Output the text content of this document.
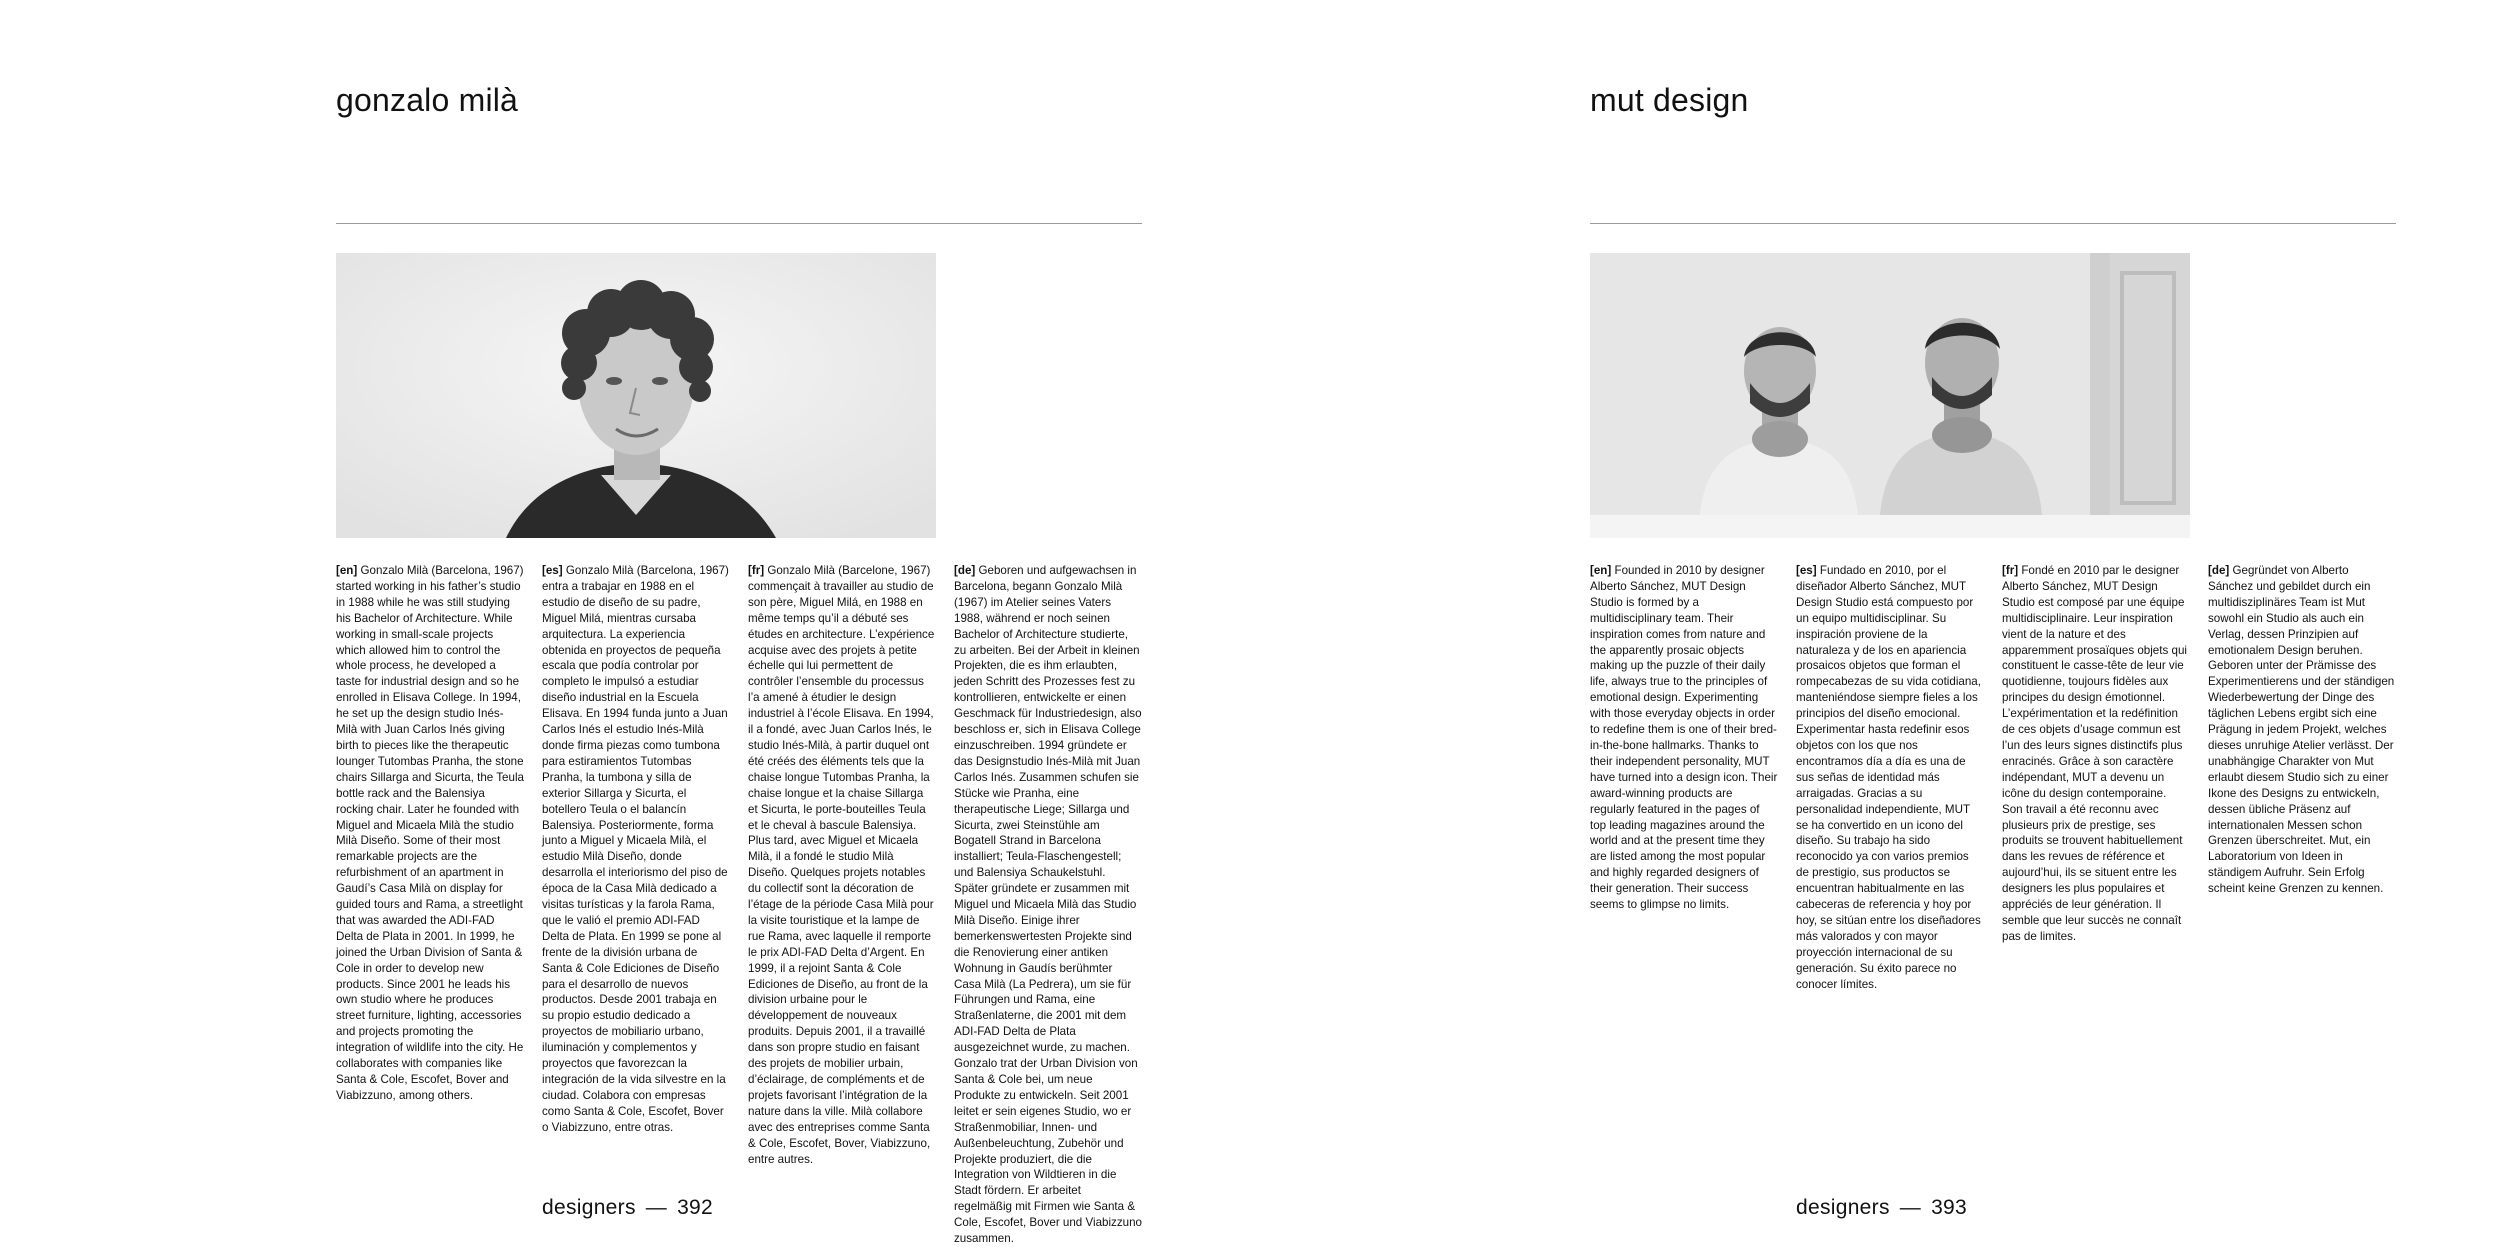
gonzalo milà

[en] Gonzalo Milà (Barcelona, 1967) started working in his father’s studio in 1988 while he was still studying his Bachelor of Architecture. While working in small-scale projects which allowed him to control the whole process, he developed a taste for industrial design and so he enrolled in Elisava College. In 1994, he set up the design studio Inés-Milà with Juan Carlos Inés giving birth to pieces like the therapeutic lounger Tutombas Pranha, the stone chairs Sillarga and Sicurta, the Teula bottle rack and the Balensiya rocking chair. Later he founded with Miguel and Micaela Milà the studio Milà Diseño. Some of their most remarkable projects are the refurbishment of an apartment in Gaudí’s Casa Milà on display for guided tours and Rama, a streetlight that was awarded the ADI-FAD Delta de Plata in 2001. In 1999, he joined the Urban Division of Santa & Cole in order to develop new products. Since 2001 he leads his own studio where he produces street furniture, lighting, accessories and projects promoting the integration of wildlife into the city. He collaborates with companies like Santa & Cole, Escofet, Bover and Viabizzuno, among others.

[es] Gonzalo Milà (Barcelona, 1967) entra a trabajar en 1988 en el estudio de diseño de su padre, Miguel Milá, mientras cursaba arquitectura. La experiencia obtenida en proyectos de pequeña escala que podía controlar por completo le impulsó a estudiar diseño industrial en la Escuela Elisava. En 1994 funda junto a Juan Carlos Inés el estudio Inés-Milà donde firma piezas como tumbona para estiramientos Tutombas Pranha, la tumbona y silla de exterior Sillarga y Sicurta, el botellero Teula o el balancín Balensiya. Posteriormente, forma junto a Miguel y Micaela Milà, el estudio Milà Diseño, donde desarrolla el interiorismo del piso de época de la Casa Milà dedicado a visitas turísticas y la farola Rama, que le valió el premio ADI-FAD Delta de Plata. En 1999 se pone al frente de la división urbana de Santa & Cole Ediciones de Diseño para el desarrollo de nuevos productos. Desde 2001 trabaja en su propio estudio dedicado a proyectos de mobiliario urbano, iluminación y complementos y proyectos que favorezcan la integración de la vida silvestre en la ciudad. Colabora con empresas como Santa & Cole, Escofet, Bover o Viabizzuno, entre otras.

[fr] Gonzalo Milà (Barcelone, 1967) commençait à travailler au studio de son père, Miguel Milá, en 1988 en même temps qu’il a débuté ses études en architecture. L’expérience acquise avec des projets à petite échelle qui lui permettent de contrôler l’ensemble du processus l’a amené à étudier le design industriel à l’école Elisava. En 1994, il a fondé, avec Juan Carlos Inés, le studio Inés-Milà, à partir duquel ont été créés des éléments tels que la chaise longue Tutombas Pranha, la chaise longue et la chaise Sillarga et Sicurta, le porte-bouteilles Teula et le cheval à bascule Balensiya. Plus tard, avec Miguel et Micaela Milà, il a fondé le studio Milà Diseño. Quelques projets notables du collectif sont la décoration de l’étage de la période Casa Milà pour la visite touristique et la lampe de rue Rama, avec laquelle il remporte le prix ADI-FAD Delta d’Argent. En 1999, il a rejoint Santa & Cole Ediciones de Diseño, au front de la division urbaine pour le développement de nouveaux produits. Depuis 2001, il a travaillé dans son propre studio en faisant des projets de mobilier urbain, d’éclairage, de compléments et de projets favorisant l’intégration de la nature dans la ville. Milà collabore avec des entreprises comme Santa & Cole, Escofet, Bover, Viabizzuno, entre autres.

[de] Geboren und aufgewachsen in Barcelona, begann Gonzalo Milà (1967) im Atelier seines Vaters 1988, während er noch seinen Bachelor of Architecture studierte, zu arbeiten. Bei der Arbeit in kleinen Projekten, die es ihm erlaubten, jeden Schritt des Prozesses fest zu kontrollieren, entwickelte er einen Geschmack für Industriedesign, also beschloss er, sich in Elisava College einzuschreiben. 1994 gründete er das Designstudio Inés-Milà mit Juan Carlos Inés. Zusammen schufen sie Stücke wie Pranha, eine therapeutische Liege; Sillarga und Sicurta, zwei Steinstühle am Bogatell Strand in Barcelona installiert; Teula-Flaschengestell; und Balensiya Schaukelstuhl. Später gründete er zusammen mit Miguel und Micaela Milà das Studio Milà Diseño. Einige ihrer bemerkenswertesten Projekte sind die Renovierung einer antiken Wohnung in Gaudís berühmter Casa Milà (La Pedrera), um sie für Führungen und Rama, eine Straßenlaterne, die 2001 mit dem ADI-FAD Delta de Plata ausgezeichnet wurde, zu machen. Gonzalo trat der Urban Division von Santa & Cole bei, um neue Produkte zu entwickeln. Seit 2001 leitet er sein eigenes Studio, wo er Straßenmobiliar, Innen- und Außenbeleuchtung, Zubehör und Projekte produziert, die die Integration von Wildtieren in die Stadt fördern. Er arbeitet regelmäßig mit Firmen wie Santa & Cole, Escofet, Bover und Viabizzuno zusammen.

designers — 392
mut design

[en] Founded in 2010 by designer Alberto Sánchez, MUT Design Studio is formed by a multidisciplinary team. Their inspiration comes from nature and the apparently prosaic objects making up the puzzle of their daily life, always true to the principles of emotional design. Experimenting with those everyday objects in order to redefine them is one of their bred-in-the-bone hallmarks. Thanks to their independent personality, MUT have turned into a design icon. Their award-winning products are regularly featured in the pages of top leading magazines around the world and at the present time they are listed among the most popular and highly regarded designers of their generation. Their success seems to glimpse no limits.

[es] Fundado en 2010, por el diseñador Alberto Sánchez, MUT Design Studio está compuesto por un equipo multidisciplinar. Su inspiración proviene de la naturaleza y de los en apariencia prosaicos objetos que forman el rompecabezas de su vida cotidiana, manteniéndose siempre fieles a los principios del diseño emocional. Experimentar hasta redefinir esos objetos con los que nos encontramos día a día es una de sus señas de identidad más arraigadas. Gracias a su personalidad independiente, MUT se ha convertido en un icono del diseño. Su trabajo ha sido reconocido ya con varios premios de prestigio, sus productos se encuentran habitualmente en las cabeceras de referencia y hoy por hoy, se sitúan entre los diseñadores más valorados y con mayor proyección internacional de su generación. Su éxito parece no conocer límites.

[fr] Fondé en 2010 par le designer Alberto Sánchez, MUT Design Studio est composé par une équipe multidisciplinaire. Leur inspiration vient de la nature et des apparemment prosaïques objets qui constituent le casse-tête de leur vie quotidienne, toujours fidèles aux principes du design émotionnel. L’expérimentation et la redéfinition de ces objets d’usage commun est l’un des leurs signes distinctifs plus enracinés. Grâce à son caractère indépendant, MUT a devenu un icône du design contemporaine. Son travail a été reconnu avec plusieurs prix de prestige, ses produits se trouvent habituellement dans les revues de référence et aujourd’hui, ils se situent entre les designers les plus populaires et appréciés de leur génération. Il semble que leur succès ne connaît pas de limites.

[de] Gegründet von Alberto Sánchez und gebildet durch ein multidisziplinäres Team ist Mut sowohl ein Studio als auch ein Verlag, dessen Prinzipien auf emotionalem Design beruhen. Geboren unter der Prämisse des Experimentierens und der ständigen Wiederbewertung der Dinge des täglichen Lebens ergibt sich eine Prägung in jedem Projekt, welches dieses unruhige Atelier verlässt. Der unabhängige Charakter von Mut erlaubt diesem Studio sich zu einer Ikone des Designs zu entwickeln, dessen übliche Präsenz auf internationalen Messen schon Grenzen überschreitet. Mut, ein Laboratorium von Ideen in ständigem Aufruhr. Sein Erfolg scheint keine Grenzen zu kennen.

designers — 393
